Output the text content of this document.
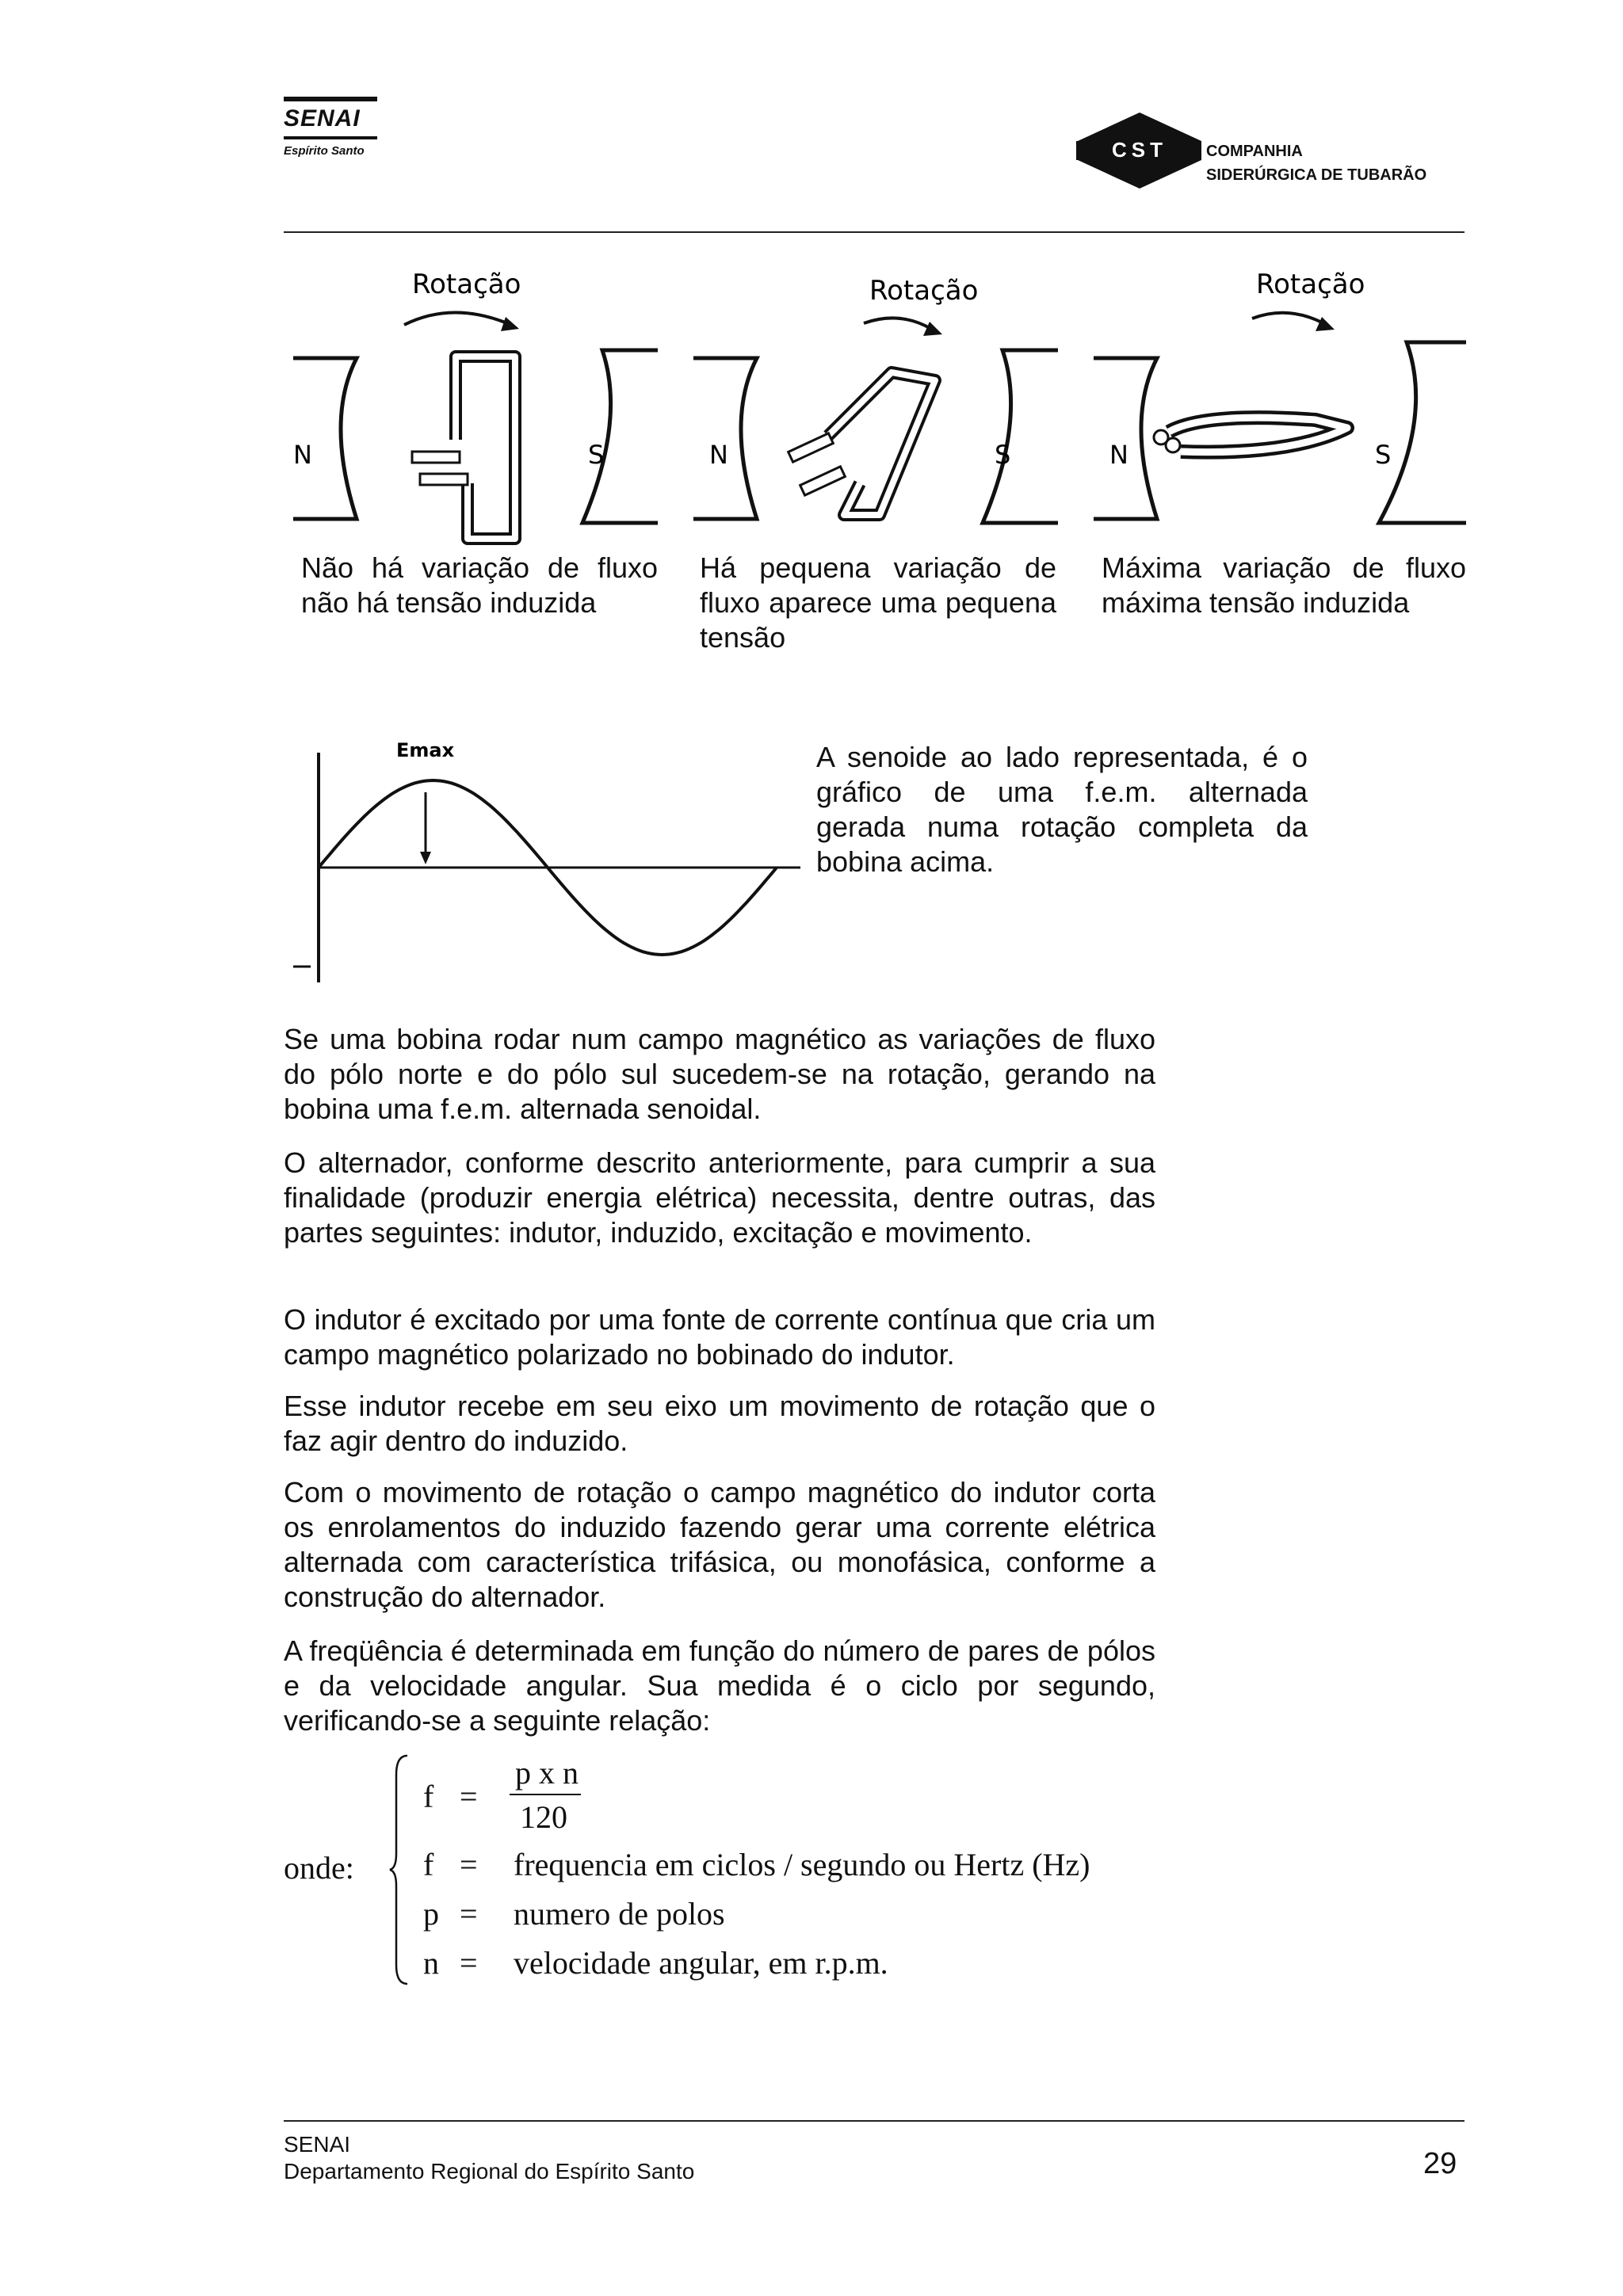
SENAI
Espírito Santo	CST COMPANHIA
SIDERÚRGICA DE TUBARÃO
Rotação
N	S
Rotação
N	S
Rotação
N	S
Não há variação de fluxo não há tensão induzida
Há pequena variação de fluxo aparece uma pequena tensão
Máxima variação de fluxo máxima tensão induzida
Emax	A senoide ao lado representada, é o gráfico de uma f.e.m. alternada gerada numa rotação completa da bobina acima.
Se uma bobina rodar num campo magnético as variações de fluxo do pólo norte e do pólo sul sucedem-se na rotação, gerando na bobina uma f.e.m. alternada senoidal.
O alternador, conforme descrito anteriormente, para cumprir a sua finalidade (produzir energia elétrica) necessita, dentre outras, das partes seguintes: indutor, induzido, excitação e movimento.
O indutor é excitado por uma fonte de corrente contínua que cria um campo magnético polarizado no bobinado do indutor.
Esse indutor recebe em seu eixo um movimento de rotação que o faz agir dentro do induzido.
Com o movimento de rotação o campo magnético do indutor corta os enrolamentos do induzido fazendo gerar uma corrente elétrica alternada com característica trifásica, ou monofásica, conforme a construção do alternador.
A freqüência é determinada em função do número de pares de pólos e da velocidade angular. Sua medida é o ciclo por segundo, verificando-se a seguinte relação:
onde:
f =
p x n
120
f = frequencia em ciclos / segundo ou Hertz (Hz)
p = numero de polos
n = velocidade angular, em r.p.m.
SENAI
Departamento Regional do Espírito Santo	29
